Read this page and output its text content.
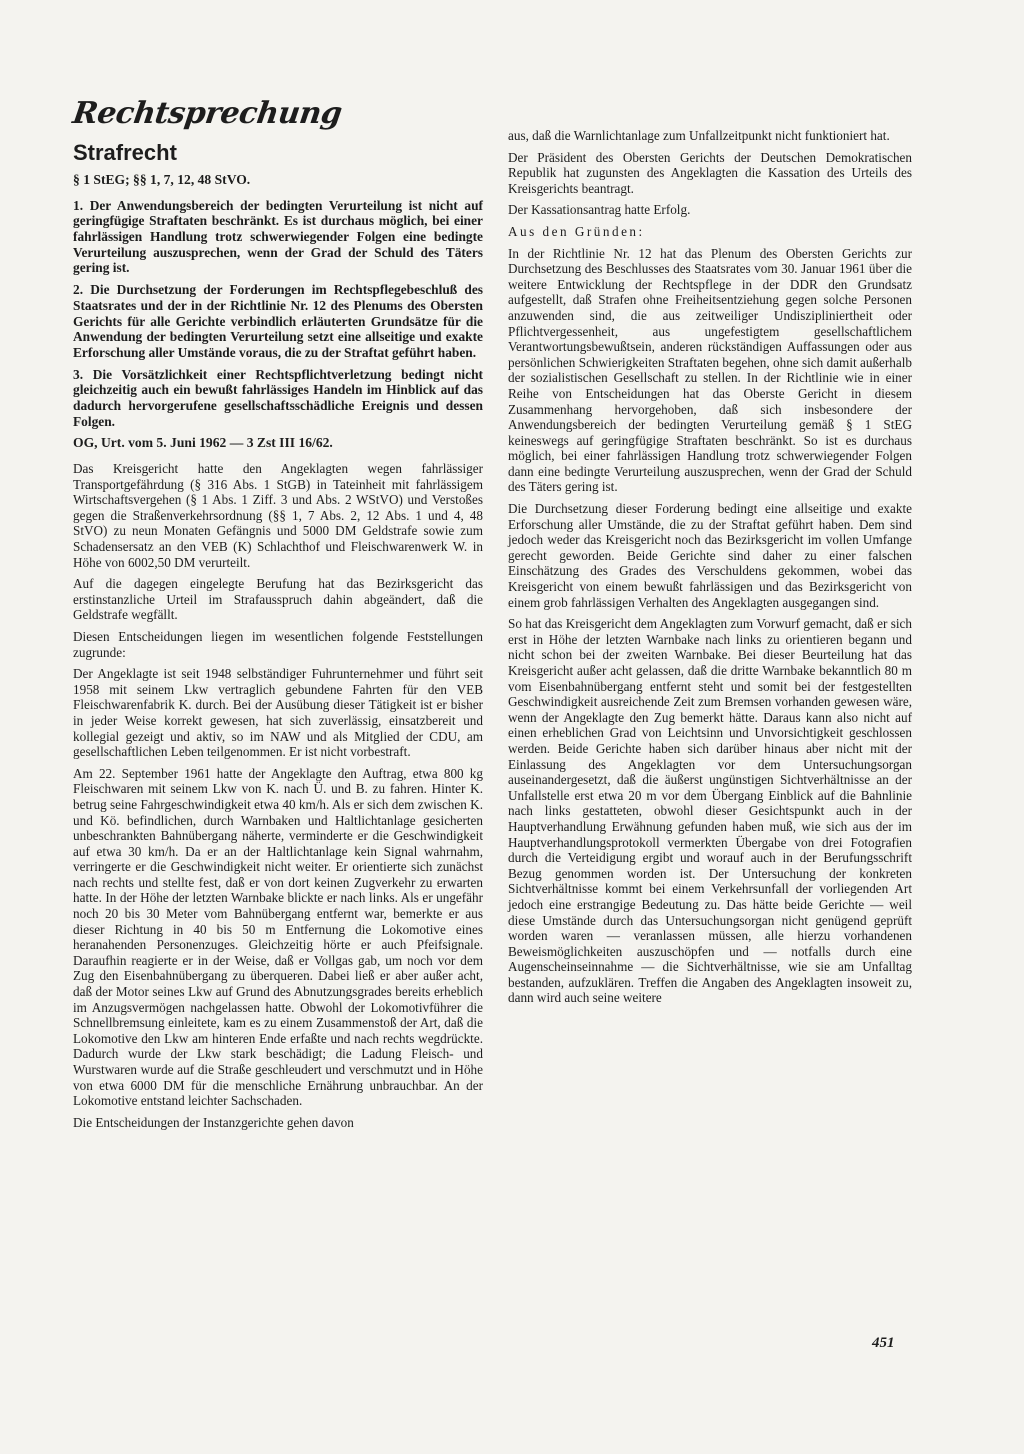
Rechtsprechung
Strafrecht

§ 1 StEG; §§ 1, 7, 12, 48 StVO.

1. Der Anwendungsbereich der bedingten Verurteilung ist nicht auf geringfügige Straftaten beschränkt. Es ist durchaus möglich, bei einer fahrlässigen Handlung trotz schwerwiegender Folgen eine bedingte Verurteilung auszusprechen, wenn der Grad der Schuld des Täters gering ist.

2. Die Durchsetzung der Forderungen im Rechtspflegebeschluß des Staatsrates und der in der Richtlinie Nr. 12 des Plenums des Obersten Gerichts für alle Gerichte verbindlich erläuterten Grundsätze für die Anwendung der bedingten Verurteilung setzt eine allseitige und exakte Erforschung aller Umstände voraus, die zu der Straftat geführt haben.

3. Die Vorsätzlichkeit einer Rechtspflichtverletzung bedingt nicht gleichzeitig auch ein bewußt fahrlässiges Handeln im Hinblick auf das dadurch hervorgerufene gesellschaftsschädliche Ereignis und dessen Folgen.

OG, Urt. vom 5. Juni 1962 — 3 Zst III 16/62.

Das Kreisgericht hatte den Angeklagten wegen fahrlässiger Transportgefährdung (§ 316 Abs. 1 StGB) in Tateinheit mit fahrlässigem Wirtschaftsvergehen (§ 1 Abs. 1 Ziff. 3 und Abs. 2 WStVO) und Verstoßes gegen die Straßenverkehrsordnung (§§ 1, 7 Abs. 2, 12 Abs. 1 und 4, 48 StVO) zu neun Monaten Gefängnis und 5000 DM Geldstrafe sowie zum Schadensersatz an den VEB (K) Schlachthof und Fleischwarenwerk W. in Höhe von 6002,50 DM verurteilt.

Auf die dagegen eingelegte Berufung hat das Bezirksgericht das erstinstanzliche Urteil im Strafausspruch dahin abgeändert, daß die Geldstrafe wegfällt.

Diesen Entscheidungen liegen im wesentlichen folgende Feststellungen zugrunde:

Der Angeklagte ist seit 1948 selbständiger Fuhrunternehmer und führt seit 1958 mit seinem Lkw vertraglich gebundene Fahrten für den VEB Fleischwarenfabrik K. durch. Bei der Ausübung dieser Tätigkeit ist er bisher in jeder Weise korrekt gewesen, hat sich zuverlässig, einsatzbereit und kollegial gezeigt und aktiv, so im NAW und als Mitglied der CDU, am gesellschaftlichen Leben teilgenommen. Er ist nicht vorbestraft.

Am 22. September 1961 hatte der Angeklagte den Auftrag, etwa 800 kg Fleischwaren mit seinem Lkw von K. nach Ü. und B. zu fahren. Hinter K. betrug seine Fahrgeschwindigkeit etwa 40 km/h. Als er sich dem zwischen K. und Kö. befindlichen, durch Warnbaken und Haltlichtanlage gesicherten unbeschrankten Bahnübergang näherte, verminderte er die Geschwindigkeit auf etwa 30 km/h. Da er an der Haltlichtanlage kein Signal wahrnahm, verringerte er die Geschwindigkeit nicht weiter. Er orientierte sich zunächst nach rechts und stellte fest, daß er von dort keinen Zugverkehr zu erwarten hatte. In der Höhe der letzten Warnbake blickte er nach links. Als er ungefähr noch 20 bis 30 Meter vom Bahnübergang entfernt war, bemerkte er aus dieser Richtung in 40 bis 50 m Entfernung die Lokomotive eines heranahenden Personenzuges. Gleichzeitig hörte er auch Pfeifsignale. Daraufhin reagierte er in der Weise, daß er Vollgas gab, um noch vor dem Zug den Eisenbahnübergang zu überqueren. Dabei ließ er aber außer acht, daß der Motor seines Lkw auf Grund des Abnutzungsgrades bereits erheblich im Anzugsvermögen nachgelassen hatte. Obwohl der Lokomotivführer die Schnellbremsung einleitete, kam es zu einem Zusammenstoß der Art, daß die Lokomotive den Lkw am hinteren Ende erfaßte und nach rechts wegdrückte. Dadurch wurde der Lkw stark beschädigt; die Ladung Fleisch- und Wurstwaren wurde auf die Straße geschleudert und verschmutzt und in Höhe von etwa 6000 DM für die menschliche Ernährung unbrauchbar. An der Lokomotive entstand leichter Sachschaden.

Die Entscheidungen der Instanzgerichte gehen davon

aus, daß die Warnlichtanlage zum Unfallzeitpunkt nicht funktioniert hat.

Der Präsident des Obersten Gerichts der Deutschen Demokratischen Republik hat zugunsten des Angeklagten die Kassation des Urteils des Kreisgerichts beantragt.

Der Kassationsantrag hatte Erfolg.

Aus den Gründen:

In der Richtlinie Nr. 12 hat das Plenum des Obersten Gerichts zur Durchsetzung des Beschlusses des Staatsrates vom 30. Januar 1961 über die weitere Entwicklung der Rechtspflege in der DDR den Grundsatz aufgestellt, daß Strafen ohne Freiheitsentziehung gegen solche Personen anzuwenden sind, die aus zeitweiliger Undiszipliniertheit oder Pflichtvergessenheit, aus ungefestigtem gesellschaftlichem Verantwortungsbewußtsein, anderen rückständigen Auffassungen oder aus persönlichen Schwierigkeiten Straftaten begehen, ohne sich damit außerhalb der sozialistischen Gesellschaft zu stellen. In der Richtlinie wie in einer Reihe von Entscheidungen hat das Oberste Gericht in diesem Zusammenhang hervorgehoben, daß sich insbesondere der Anwendungsbereich der bedingten Verurteilung gemäß § 1 StEG keineswegs auf geringfügige Straftaten beschränkt. So ist es durchaus möglich, bei einer fahrlässigen Handlung trotz schwerwiegender Folgen dann eine bedingte Verurteilung auszusprechen, wenn der Grad der Schuld des Täters gering ist.

Die Durchsetzung dieser Forderung bedingt eine allseitige und exakte Erforschung aller Umstände, die zu der Straftat geführt haben. Dem sind jedoch weder das Kreisgericht noch das Bezirksgericht im vollen Umfange gerecht geworden. Beide Gerichte sind daher zu einer falschen Einschätzung des Grades des Verschuldens gekommen, wobei das Kreisgericht von einem bewußt fahrlässigen und das Bezirksgericht von einem grob fahrlässigen Verhalten des Angeklagten ausgegangen sind.

So hat das Kreisgericht dem Angeklagten zum Vorwurf gemacht, daß er sich erst in Höhe der letzten Warnbake nach links zu orientieren begann und nicht schon bei der zweiten Warnbake. Bei dieser Beurteilung hat das Kreisgericht außer acht gelassen, daß die dritte Warnbake bekanntlich 80 m vom Eisenbahnübergang entfernt steht und somit bei der festgestellten Geschwindigkeit ausreichende Zeit zum Bremsen vorhanden gewesen wäre, wenn der Angeklagte den Zug bemerkt hätte. Daraus kann also nicht auf einen erheblichen Grad von Leichtsinn und Unvorsichtigkeit geschlossen werden. Beide Gerichte haben sich darüber hinaus aber nicht mit der Einlassung des Angeklagten vor dem Untersuchungsorgan auseinandergesetzt, daß die äußerst ungünstigen Sichtverhältnisse an der Unfallstelle erst etwa 20 m vor dem Übergang Einblick auf die Bahnlinie nach links gestatteten, obwohl dieser Gesichtspunkt auch in der Hauptverhandlung Erwähnung gefunden haben muß, wie sich aus der im Hauptverhandlungsprotokoll vermerkten Übergabe von drei Fotografien durch die Verteidigung ergibt und worauf auch in der Berufungsschrift Bezug genommen worden ist. Der Untersuchung der konkreten Sichtverhältnisse kommt bei einem Verkehrsunfall der vorliegenden Art jedoch eine erstrangige Bedeutung zu. Das hätte beide Gerichte — weil diese Umstände durch das Untersuchungsorgan nicht genügend geprüft worden waren — veranlassen müssen, alle hierzu vorhandenen Beweismöglichkeiten auszuschöpfen und — notfalls durch eine Augenscheinseinnahme — die Sichtverhältnisse, wie sie am Unfalltag bestanden, aufzuklären. Treffen die Angaben des Angeklagten insoweit zu, dann wird auch seine weitere

451
